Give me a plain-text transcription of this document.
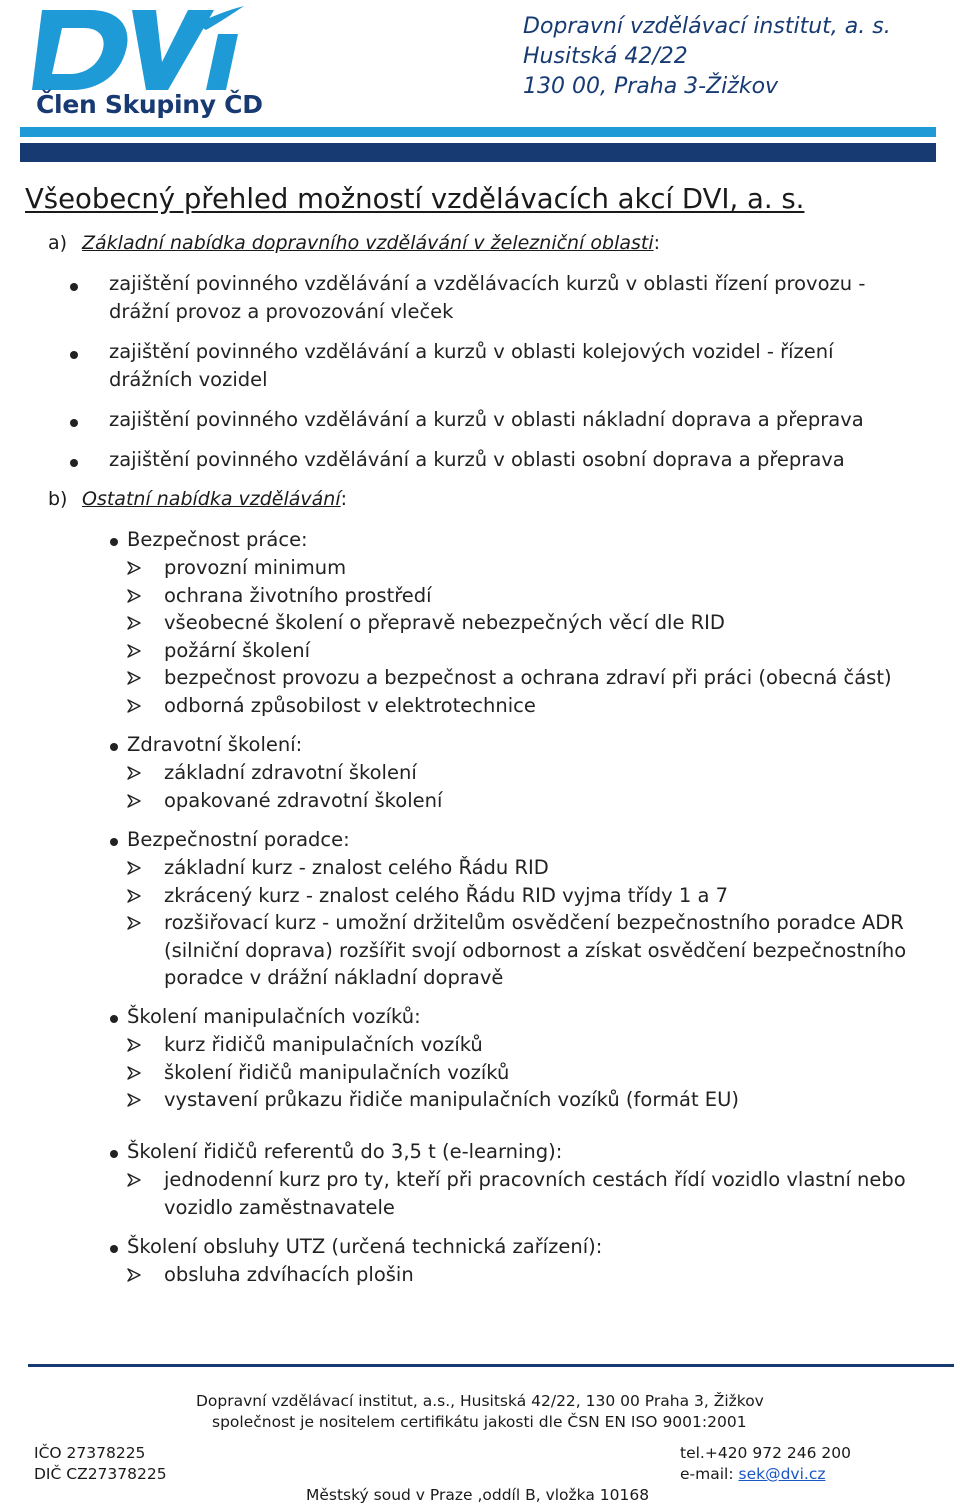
Člen Skupiny ČD
Dopravní vzdělávací institut, a. s.
Husitská 42/22
130 00, Praha 3-Žižkov
Všeobecný přehled možností vzdělávacích akcí DVI, a. s.
a) Základní nabídka dopravního vzdělávání v železniční oblasti:
zajištění povinného vzdělávání a vzdělávacích kurzů v oblasti řízení provozu - drážní provoz a provozování vleček
zajištění povinného vzdělávání a kurzů v oblasti kolejových vozidel - řízení drážních vozidel
zajištění povinného vzdělávání a kurzů v oblasti nákladní doprava a přeprava
zajištění povinného vzdělávání a kurzů v oblasti osobní doprava a přeprava
b) Ostatní nabídka vzdělávání:
Bezpečnost práce:
provozní minimum
ochrana životního prostředí
všeobecné školení o přepravě nebezpečných věcí dle RID
požární školení
bezpečnost provozu a bezpečnost a ochrana zdraví při práci (obecná část)
odborná způsobilost v elektrotechnice
Zdravotní školení:
základní zdravotní školení
opakované zdravotní školení
Bezpečnostní poradce:
základní kurz - znalost celého Řádu RID
zkrácený kurz - znalost celého Řádu RID vyjma třídy 1 a 7
rozšiřovací kurz - umožní držitelům osvědčení bezpečnostního poradce ADR (silniční doprava) rozšířit svojí odbornost a získat osvědčení bezpečnostního poradce v drážní nákladní dopravě
Školení manipulačních vozíků:
kurz řidičů manipulačních vozíků
školení řidičů manipulačních vozíků
vystavení průkazu řidiče manipulačních vozíků (formát EU)
Školení řidičů referentů do 3,5 t (e-learning):
jednodenní kurz pro ty, kteří při pracovních cestách řídí vozidlo vlastní nebo vozidlo zaměstnavatele
Školení obsluhy UTZ (určená technická zařízení):
obsluha zdvíhacích plošin
Dopravní vzdělávací institut, a.s., Husitská 42/22, 130 00 Praha 3, Žižkov
společnost je nositelem certifikátu jakosti dle ČSN EN ISO 9001:2001
IČO 27378225
DIČ CZ27378225
tel.+420 972 246 200
e-mail: sek@dvi.cz
Městský soud v Praze ,oddíl B, vložka 10168
